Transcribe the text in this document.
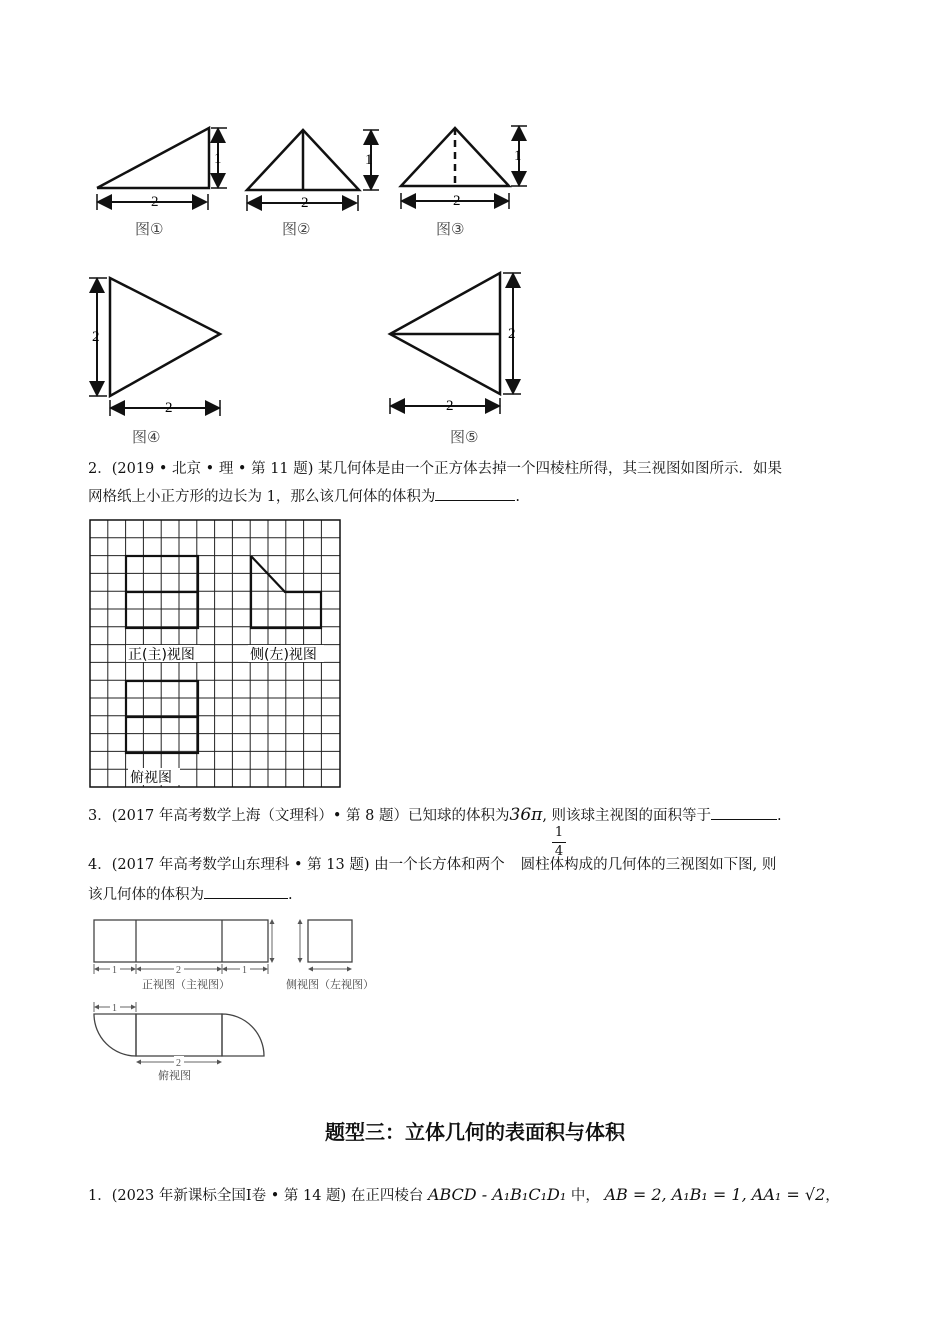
1
2
1
2
1
2
图①	图②	图③
2
2
2
2
图④	图⑤
2．(2019 • 北京 • 理 • 第 11 题) 某几何体是由一个正方体去掉一个四棱柱所得，其三视图如图所示．如果
网格纸上小正方形的边长为 1，那么该几何体的体积为	.
正(主)视图	侧(左)视图
俯视图
3．(2017 年高考数学上海（文理科）• 第 8 题）已知球的体积为36π, 则该球主视图的面积等于	.
1
4
4．(2017 年高考数学山东理科 • 第 13 题) 由一个长方体和两个 圆柱体构成的几何体的三视图如下图, 则
该几何体的体积为	.
1	2	1
正视图（主视图）	侧视图（左视图）
1
2
俯视图
题型三：立体几何的表面积与体积
1．(2023 年新课标全国Ⅰ卷 • 第 14 题) 在正四棱台 ABCD - A₁B₁C₁D₁ 中， AB = 2, A₁B₁ = 1, AA₁ = √2，
